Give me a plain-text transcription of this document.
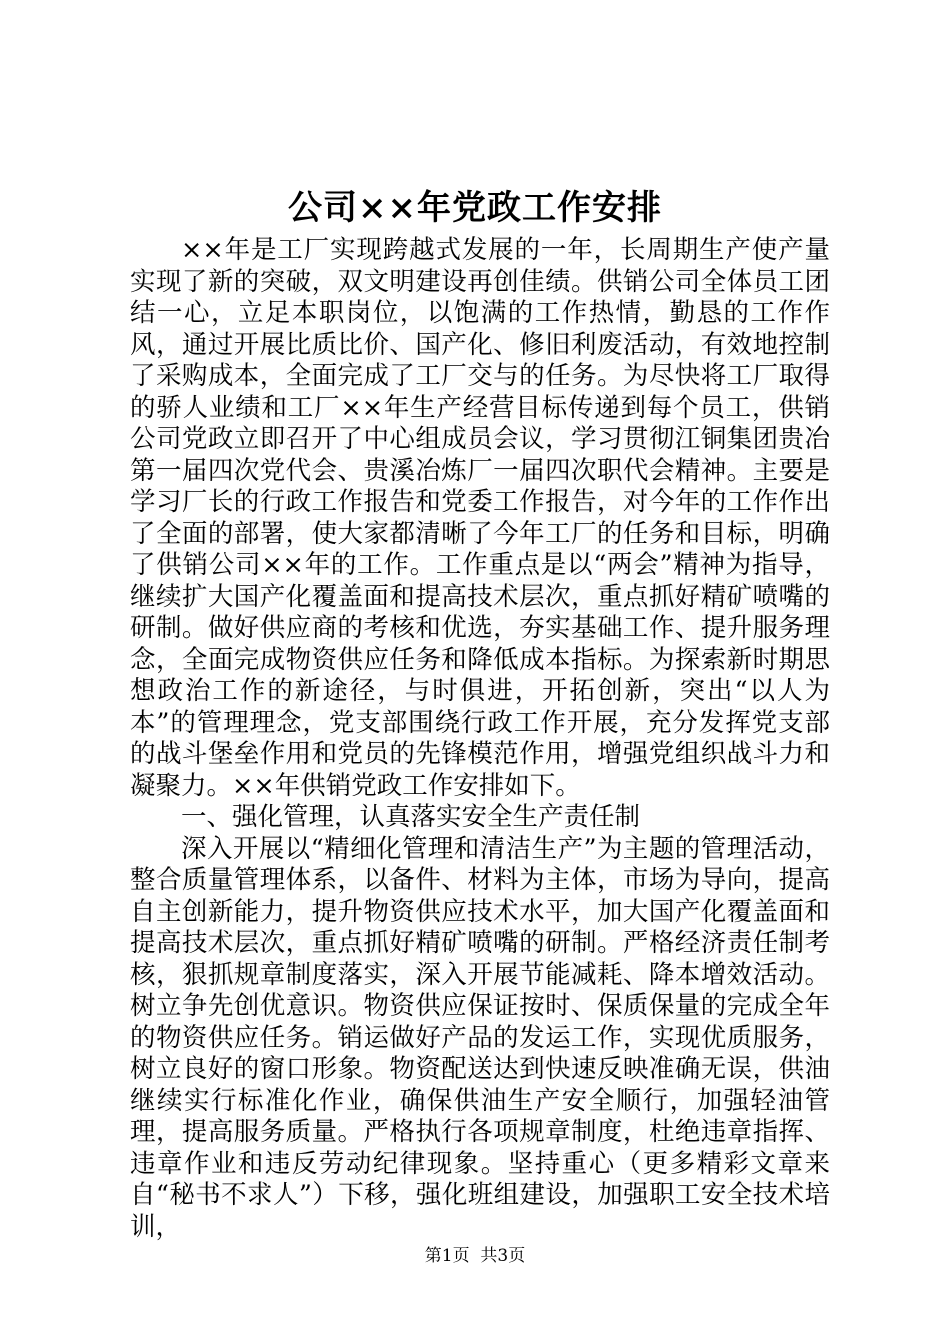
公司××年党政工作安排

××年是工厂实现跨越式发展的一年，长周期生产使产量实现了新的突破，双文明建设再创佳绩。供销公司全体员工团结一心，立足本职岗位，以饱满的工作热情，勤恳的工作作风，通过开展比质比价、国产化、修旧利废活动，有效地控制了采购成本，全面完成了工厂交与的任务。为尽快将工厂取得的骄人业绩和工厂××年生产经营目标传递到每个员工，供销公司党政立即召开了中心组成员会议，学习贯彻江铜集团贵冶第一届四次党代会、贵溪冶炼厂一届四次职代会精神。主要是学习厂长的行政工作报告和党委工作报告，对今年的工作作出了全面的部署，使大家都清晰了今年工厂的任务和目标，明确了供销公司××年的工作。工作重点是以“两会”精神为指导，继续扩大国产化覆盖面和提高技术层次，重点抓好精矿喷嘴的研制。做好供应商的考核和优选，夯实基础工作、提升服务理念，全面完成物资供应任务和降低成本指标。为探索新时期思想政治工作的新途径，与时俱进，开拓创新，突出“以人为本”的管理理念，党支部围绕行政工作开展，充分发挥党支部的战斗堡垒作用和党员的先锋模范作用，增强党组织战斗力和凝聚力。××年供销党政工作安排如下。

一、强化管理，认真落实安全生产责任制

深入开展以“精细化管理和清洁生产”为主题的管理活动，整合质量管理体系，以备件、材料为主体，市场为导向，提高自主创新能力，提升物资供应技术水平，加大国产化覆盖面和提高技术层次，重点抓好精矿喷嘴的研制。严格经济责任制考核，狠抓规章制度落实，深入开展节能减耗、降本增效活动。树立争先创优意识。物资供应保证按时、保质保量的完成全年的物资供应任务。销运做好产品的发运工作，实现优质服务，树立良好的窗口形象。物资配送达到快速反映准确无误，供油继续实行标准化作业，确保供油生产安全顺行，加强轻油管理，提高服务质量。严格执行各项规章制度，杜绝违章指挥、违章作业和违反劳动纪律现象。坚持重心（更多精彩文章来自“秘书不求人”）下移，强化班组建设，加强职工安全技术培训，

第1页 共3页
